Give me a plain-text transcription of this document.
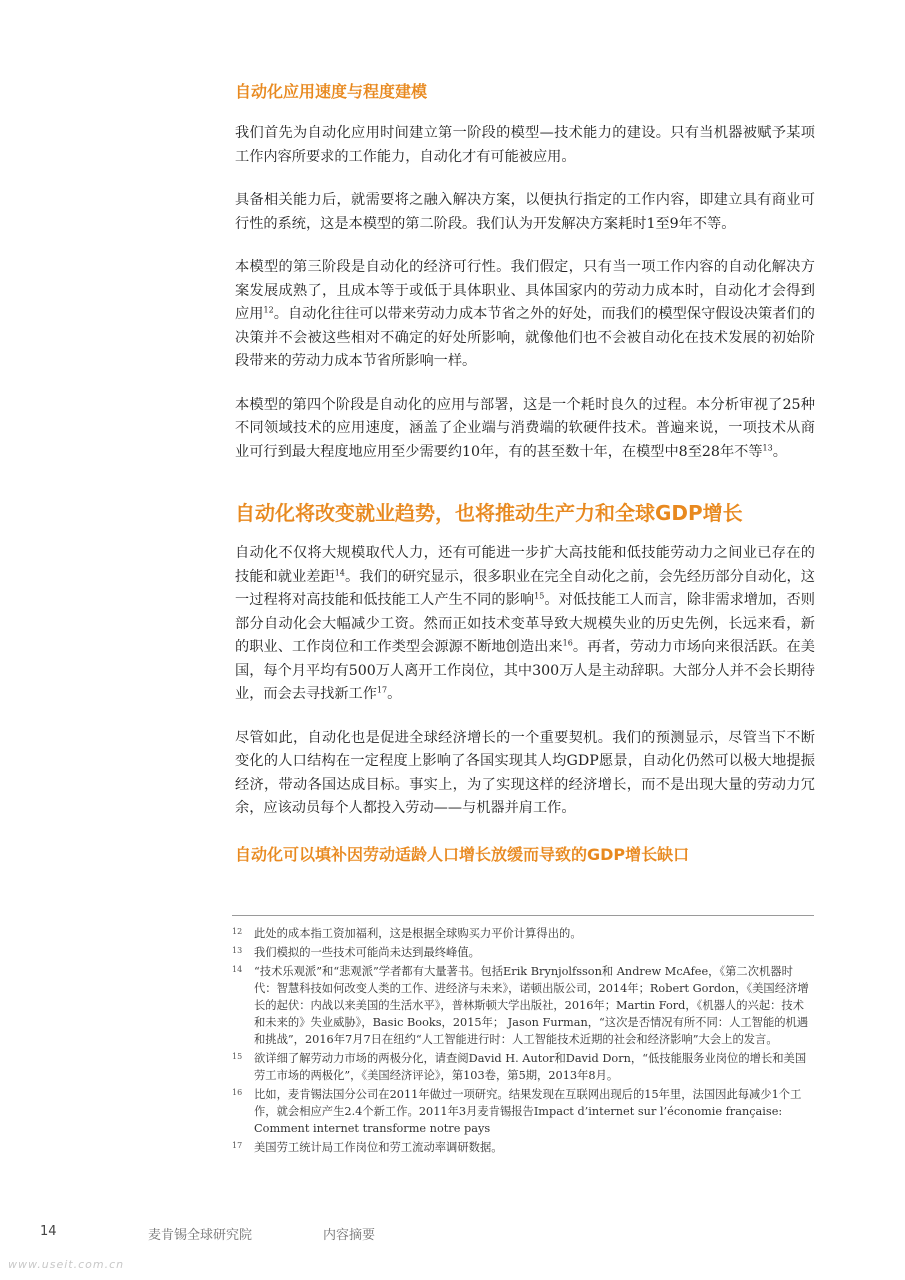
自动化应用速度与程度建模

我们首先为自动化应用时间建立第一阶段的模型—技术能力的建设。只有当机器被赋予某项工作内容所要求的工作能力，自动化才有可能被应用。

具备相关能力后，就需要将之融入解决方案，以便执行指定的工作内容，即建立具有商业可行性的系统，这是本模型的第二阶段。我们认为开发解决方案耗时1至9年不等。

本模型的第三阶段是自动化的经济可行性。我们假定，只有当一项工作内容的自动化解决方案发展成熟了，且成本等于或低于具体职业、具体国家内的劳动力成本时，自动化才会得到应用$^{12}$。自动化往往可以带来劳动力成本节省之外的好处，而我们的模型保守假设决策者们的决策并不会被这些相对不确定的好处所影响，就像他们也不会被自动化在技术发展的初始阶段带来的劳动力成本节省所影响一样。

本模型的第四个阶段是自动化的应用与部署，这是一个耗时良久的过程。本分析审视了25种不同领域技术的应用速度，涵盖了企业端与消费端的软硬件技术。普遍来说，一项技术从商业可行到最大程度地应用至少需要约10年，有的甚至数十年，在模型中8至28年不等$^{13}$。

自动化将改变就业趋势，也将推动生产力和全球GDP增长

自动化不仅将大规模取代人力，还有可能进一步扩大高技能和低技能劳动力之间业已存在的技能和就业差距$^{14}$。我们的研究显示，很多职业在完全自动化之前，会先经历部分自动化，这一过程将对高技能和低技能工人产生不同的影响$^{15}$。对低技能工人而言，除非需求增加，否则部分自动化会大幅减少工资。然而正如技术变革导致大规模失业的历史先例，长远来看，新的职业、工作岗位和工作类型会源源不断地创造出来$^{16}$。再者，劳动力市场向来很活跃。在美国，每个月平均有500万人离开工作岗位，其中300万人是主动辞职。大部分人并不会长期待业，而会去寻找新工作$^{17}$。

尽管如此，自动化也是促进全球经济增长的一个重要契机。我们的预测显示，尽管当下不断变化的人口结构在一定程度上影响了各国实现其人均GDP愿景，自动化仍然可以极大地提振经济，带动各国达成目标。事实上，为了实现这样的经济增长，而不是出现大量的劳动力冗余，应该动员每个人都投入劳动——与机器并肩工作。

自动化可以填补因劳动适龄人口增长放缓而导致的GDP增长缺口
12	此处的成本指工资加福利，这是根据全球购买力平价计算得出的。
13	我们模拟的一些技术可能尚未达到最终峰值。
14	“技术乐观派”和“悲观派”学者都有大量著书。包括Erik Brynjolfsson和 Andrew McAfee，《第二次机器时代：智慧科技如何改变人类的工作、进经济与未来》，诺顿出版公司，2014年；Robert Gordon，《美国经济增长的起伏：内战以来美国的生活水平》，普林斯顿大学出版社，2016年；Martin Ford，《机器人的兴起：技术和未来的》失业威胁》，Basic Books，2015年； Jason Furman，“这次是否情况有所不同：人工智能的机遇和挑战”，2016年7月7日在纽约“人工智能进行时：人工智能技术近期的社会和经济影响”大会上的发言。
15	欲详细了解劳动力市场的两极分化，请查阅David H. Autor和David Dorn，“低技能服务业岗位的增长和美国劳工市场的两极化”，《美国经济评论》，第103卷，第5期，2013年8月。
16	比如，麦肯锡法国分公司在2011年做过一项研究。结果发现在互联网出现后的15年里，法国因此每减少1个工作，就会相应产生2.4个新工作。2011年3月麦肯锡报告Impact d’internet sur l’économie française: Comment internet transforme notre pays
17	美国劳工统计局工作岗位和劳工流动率调研数据。
14	麦肯锡全球研究院	内容摘要
www.useit.com.cn
